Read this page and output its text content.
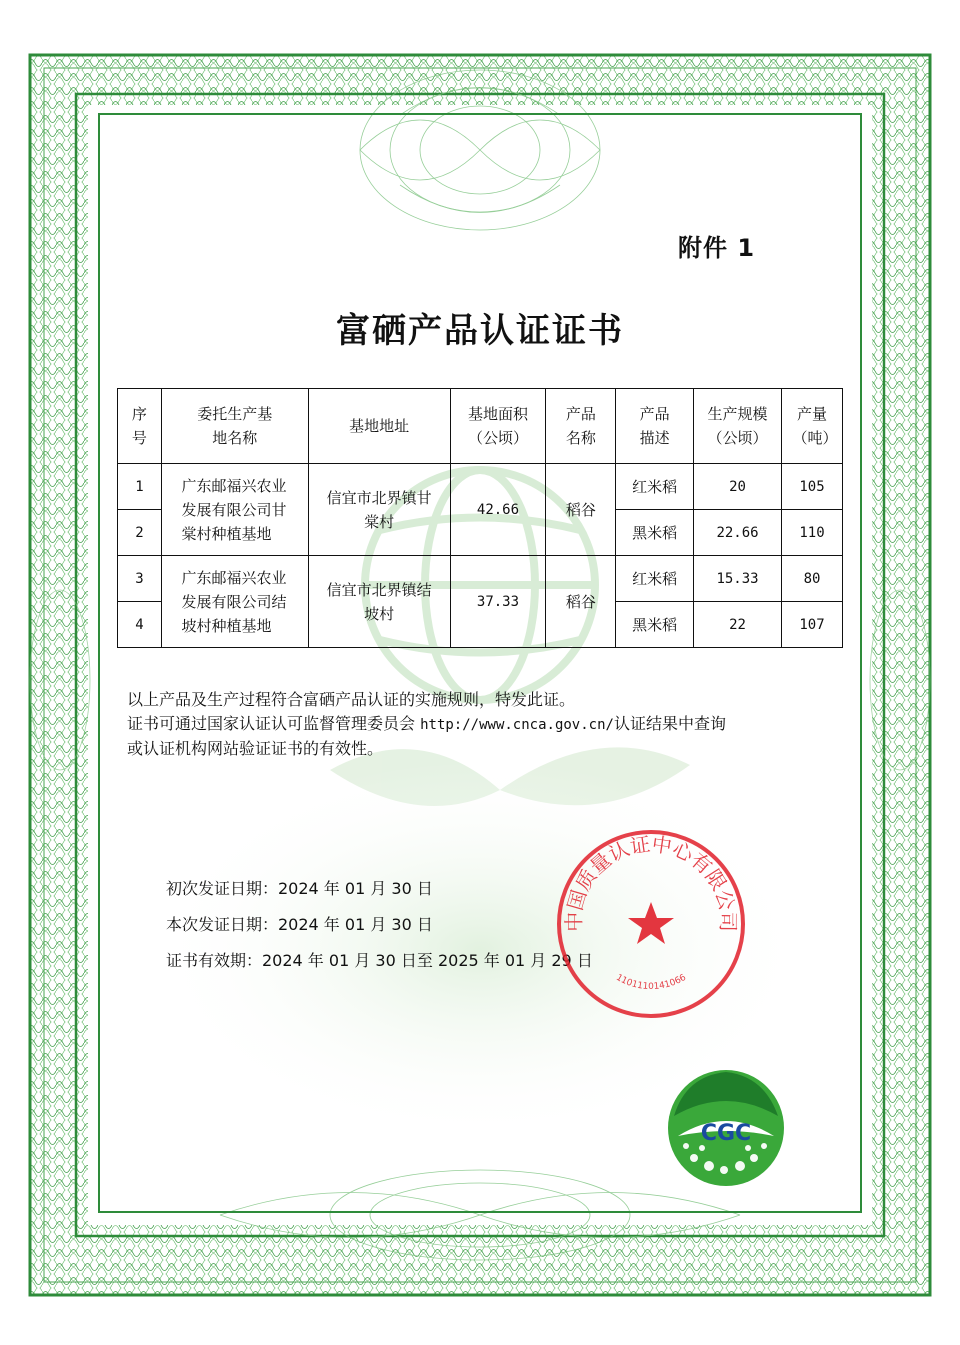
附件 1
富硒产品认证证书
序号	委托生产基地名称	基地地址	基地面积（公顷）	产品名称	产品描述	生产规模（公顷）	产量（吨）

1	广东邮福兴农业发展有限公司甘棠村种植基地	信宜市北界镇甘棠村	42.66	稻谷	红米稻	20	105
2					黑米稻	22.66	110
3	广东邮福兴农业发展有限公司结坡村种植基地	信宜市北界镇结坡村	37.33	稻谷	红米稻	15.33	80
4					黑米稻	22	107

以上产品及生产过程符合富硒产品认证的实施规则，特发此证。

证书可通过国家认证认可监督管理委员会 http://www.cnca.gov.cn/认证结果中查询

或认证机构网站验证证书的有效性。

初次发证日期：2024 年 01 月 30 日

本次发证日期：2024 年 01 月 30 日

证书有效期：2024 年 01 月 30 日至 2025 年 01 月 29 日

中国质量认证中心有限公司
1101110141066
CGC
